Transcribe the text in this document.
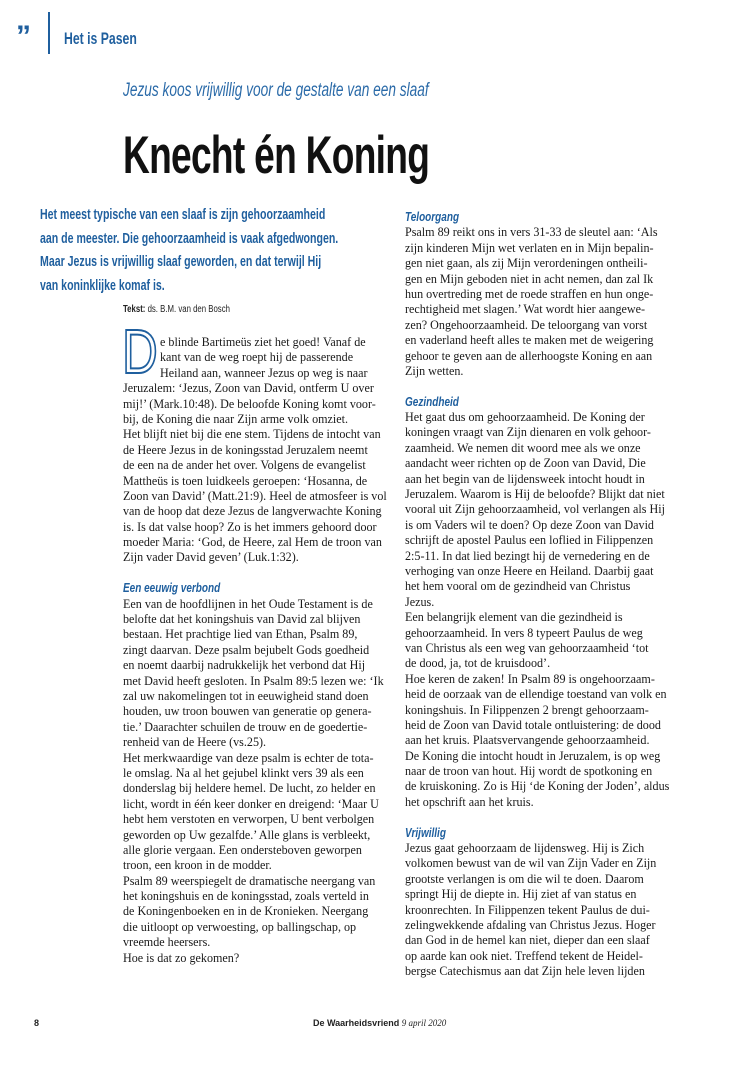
” Het is Pasen
Jezus koos vrijwillig voor de gestalte van een slaaf
Knecht én Koning
Het meest typische van een slaaf is zijn gehoorzaamheid
aan de meester. Die gehoorzaamheid is vaak afgedwongen.
Maar Jezus is vrijwillig slaaf geworden, en dat terwijl Hij
van koninklijke komaf is.
Tekst: ds. B.M. van den Bosch
D e blinde Bartimeüs ziet het goed! Vanaf de
kant van de weg roept hij de passerende
Heiland aan, wanneer Jezus op weg is naar
Jeruzalem: ‘Jezus, Zoon van David, ontferm U over
mij!’ (Mark.10:48). De beloofde Koning komt voor-
bij, de Koning die naar Zijn arme volk omziet.
Het blijft niet bij die ene stem. Tijdens de intocht van
de Heere Jezus in de koningsstad Jeruzalem neemt
de een na de ander het over. Volgens de evangelist
Mattheüs is toen luidkeels geroepen: ‘Hosanna, de
Zoon van David’ (Matt.21:9). Heel de atmosfeer is vol
van de hoop dat deze Jezus de langverwachte Koning
is. Is dat valse hoop? Zo is het immers gehoord door
moeder Maria: ‘God, de Heere, zal Hem de troon van
Zijn vader David geven’ (Luk.1:32).
Een eeuwig verbond
Een van de hoofdlijnen in het Oude Testament is de
belofte dat het koningshuis van David zal blijven
bestaan. Het prachtige lied van Ethan, Psalm 89,
zingt daarvan. Deze psalm bejubelt Gods goedheid
en noemt daarbij nadrukkelijk het verbond dat Hij
met David heeft gesloten. In Psalm 89:5 lezen we: ‘Ik
zal uw nakomelingen tot in eeuwigheid stand doen
houden, uw troon bouwen van generatie op genera-
tie.’ Daarachter schuilen de trouw en de goedertie-
renheid van de Heere (vs.25).
Het merkwaardige van deze psalm is echter de tota-
le omslag. Na al het gejubel klinkt vers 39 als een
donderslag bij heldere hemel. De lucht, zo helder en
licht, wordt in één keer donker en dreigend: ‘Maar U
hebt hem verstoten en verworpen, U bent verbolgen
geworden op Uw gezalfde.’ Alle glans is verbleekt,
alle glorie vergaan. Een ondersteboven geworpen
troon, een kroon in de modder.
Psalm 89 weerspiegelt de dramatische neergang van
het koningshuis en de koningsstad, zoals verteld in
de Koningenboeken en in de Kronieken. Neergang
die uitloopt op verwoesting, op ballingschap, op
vreemde heersers.
Hoe is dat zo gekomen?
Teloorgang
Psalm 89 reikt ons in vers 31-33 de sleutel aan: ‘Als
zijn kinderen Mijn wet verlaten en in Mijn bepalin-
gen niet gaan, als zij Mijn verordeningen ontheili-
gen en Mijn geboden niet in acht nemen, dan zal Ik
hun overtreding met de roede straffen en hun onge-
rechtigheid met slagen.’ Wat wordt hier aangewe-
zen? Ongehoorzaamheid. De teloorgang van vorst
en vaderland heeft alles te maken met de weigering
gehoor te geven aan de allerhoogste Koning en aan
Zijn wetten.
Gezindheid
Het gaat dus om gehoorzaamheid. De Koning der
koningen vraagt van Zijn dienaren en volk gehoor-
zaamheid. We nemen dit woord mee als we onze
aandacht weer richten op de Zoon van David, Die
aan het begin van de lijdensweek intocht houdt in
Jeruzalem. Waarom is Hij de beloofde? Blijkt dat niet
vooral uit Zijn gehoorzaamheid, vol verlangen als Hij
is om Vaders wil te doen? Op deze Zoon van David
schrijft de apostel Paulus een loflied in Filippenzen
2:5-11. In dat lied bezingt hij de vernedering en de
verhoging van onze Heere en Heiland. Daarbij gaat
het hem vooral om de gezindheid van Christus
Jezus.
Een belangrijk element van die gezindheid is
gehoorzaamheid. In vers 8 typeert Paulus de weg
van Christus als een weg van gehoorzaamheid ‘tot
de dood, ja, tot de kruisdood’.
Hoe keren de zaken! In Psalm 89 is ongehoorzaam-
heid de oorzaak van de ellendige toestand van volk en
koningshuis. In Filippenzen 2 brengt gehoorzaam-
heid de Zoon van David totale ontluistering: de dood
aan het kruis. Plaatsvervangende gehoorzaamheid.
De Koning die intocht houdt in Jeruzalem, is op weg
naar de troon van hout. Hij wordt de spotkoning en
de kruiskoning. Zo is Hij ‘de Koning der Joden’, aldus
het opschrift aan het kruis.
Vrijwillig
Jezus gaat gehoorzaam de lijdensweg. Hij is Zich
volkomen bewust van de wil van Zijn Vader en Zijn
grootste verlangen is om die wil te doen. Daarom
springt Hij de diepte in. Hij ziet af van status en
kroonrechten. In Filippenzen tekent Paulus de dui-
zelingwekkende afdaling van Christus Jezus. Hoger
dan God in de hemel kan niet, dieper dan een slaaf
op aarde kan ook niet. Treffend tekent de Heidel-
bergse Catechismus aan dat Zijn hele leven lijden
8	De Waarheidsvriend 9 april 2020
